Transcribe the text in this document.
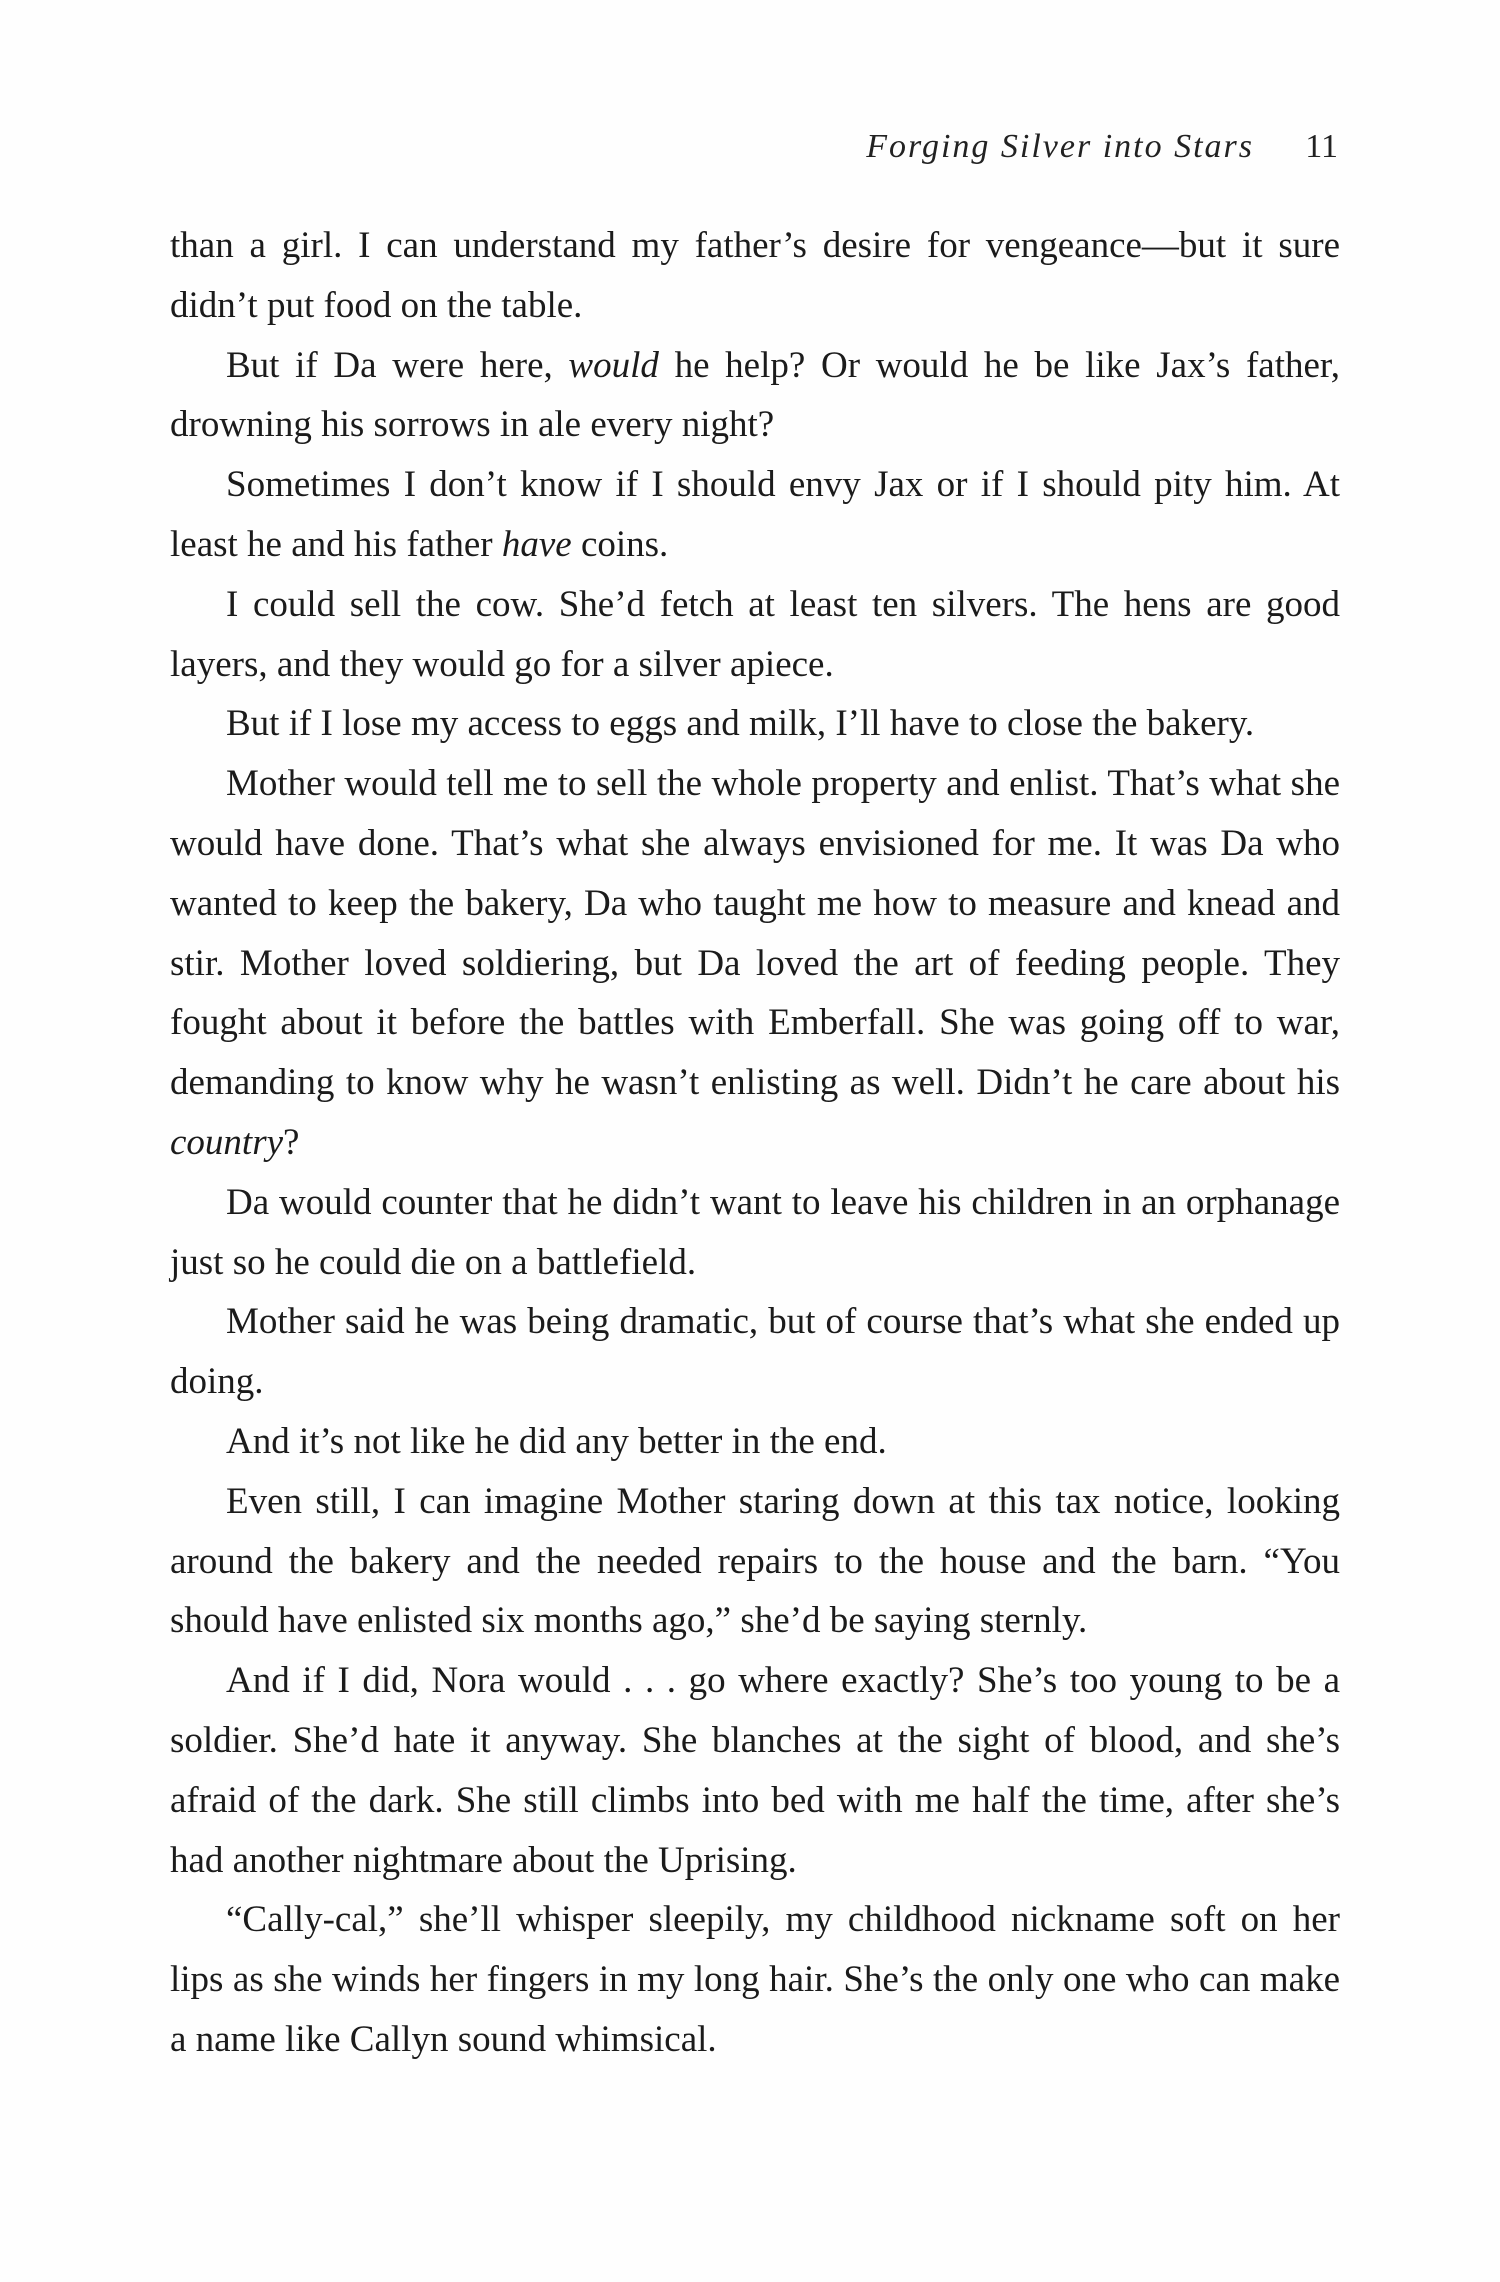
Forging Silver into Stars 11

than a girl. I can understand my father’s desire for vengeance—but it sure didn’t put food on the table.

But if Da were here, would he help? Or would he be like Jax’s father, drowning his sorrows in ale every night?

Sometimes I don’t know if I should envy Jax or if I should pity him. At least he and his father have coins.

I could sell the cow. She’d fetch at least ten silvers. The hens are good layers, and they would go for a silver apiece.

But if I lose my access to eggs and milk, I’ll have to close the bakery.

Mother would tell me to sell the whole property and enlist. That’s what she would have done. That’s what she always envisioned for me. It was Da who wanted to keep the bakery, Da who taught me how to measure and knead and stir. Mother loved soldiering, but Da loved the art of feeding people. They fought about it before the battles with Emberfall. She was going off to war, demanding to know why he wasn’t enlisting as well. Didn’t he care about his country?

Da would counter that he didn’t want to leave his children in an orphanage just so he could die on a battlefield.

Mother said he was being dramatic, but of course that’s what she ended up doing.

And it’s not like he did any better in the end.

Even still, I can imagine Mother staring down at this tax notice, looking around the bakery and the needed repairs to the house and the barn. “You should have enlisted six months ago,” she’d be saying sternly.

And if I did, Nora would . . . go where exactly? She’s too young to be a soldier. She’d hate it anyway. She blanches at the sight of blood, and she’s afraid of the dark. She still climbs into bed with me half the time, after she’s had another nightmare about the Uprising.

“Cally-cal,” she’ll whisper sleepily, my childhood nickname soft on her lips as she winds her fingers in my long hair. She’s the only one who can make a name like Callyn sound whimsical.
